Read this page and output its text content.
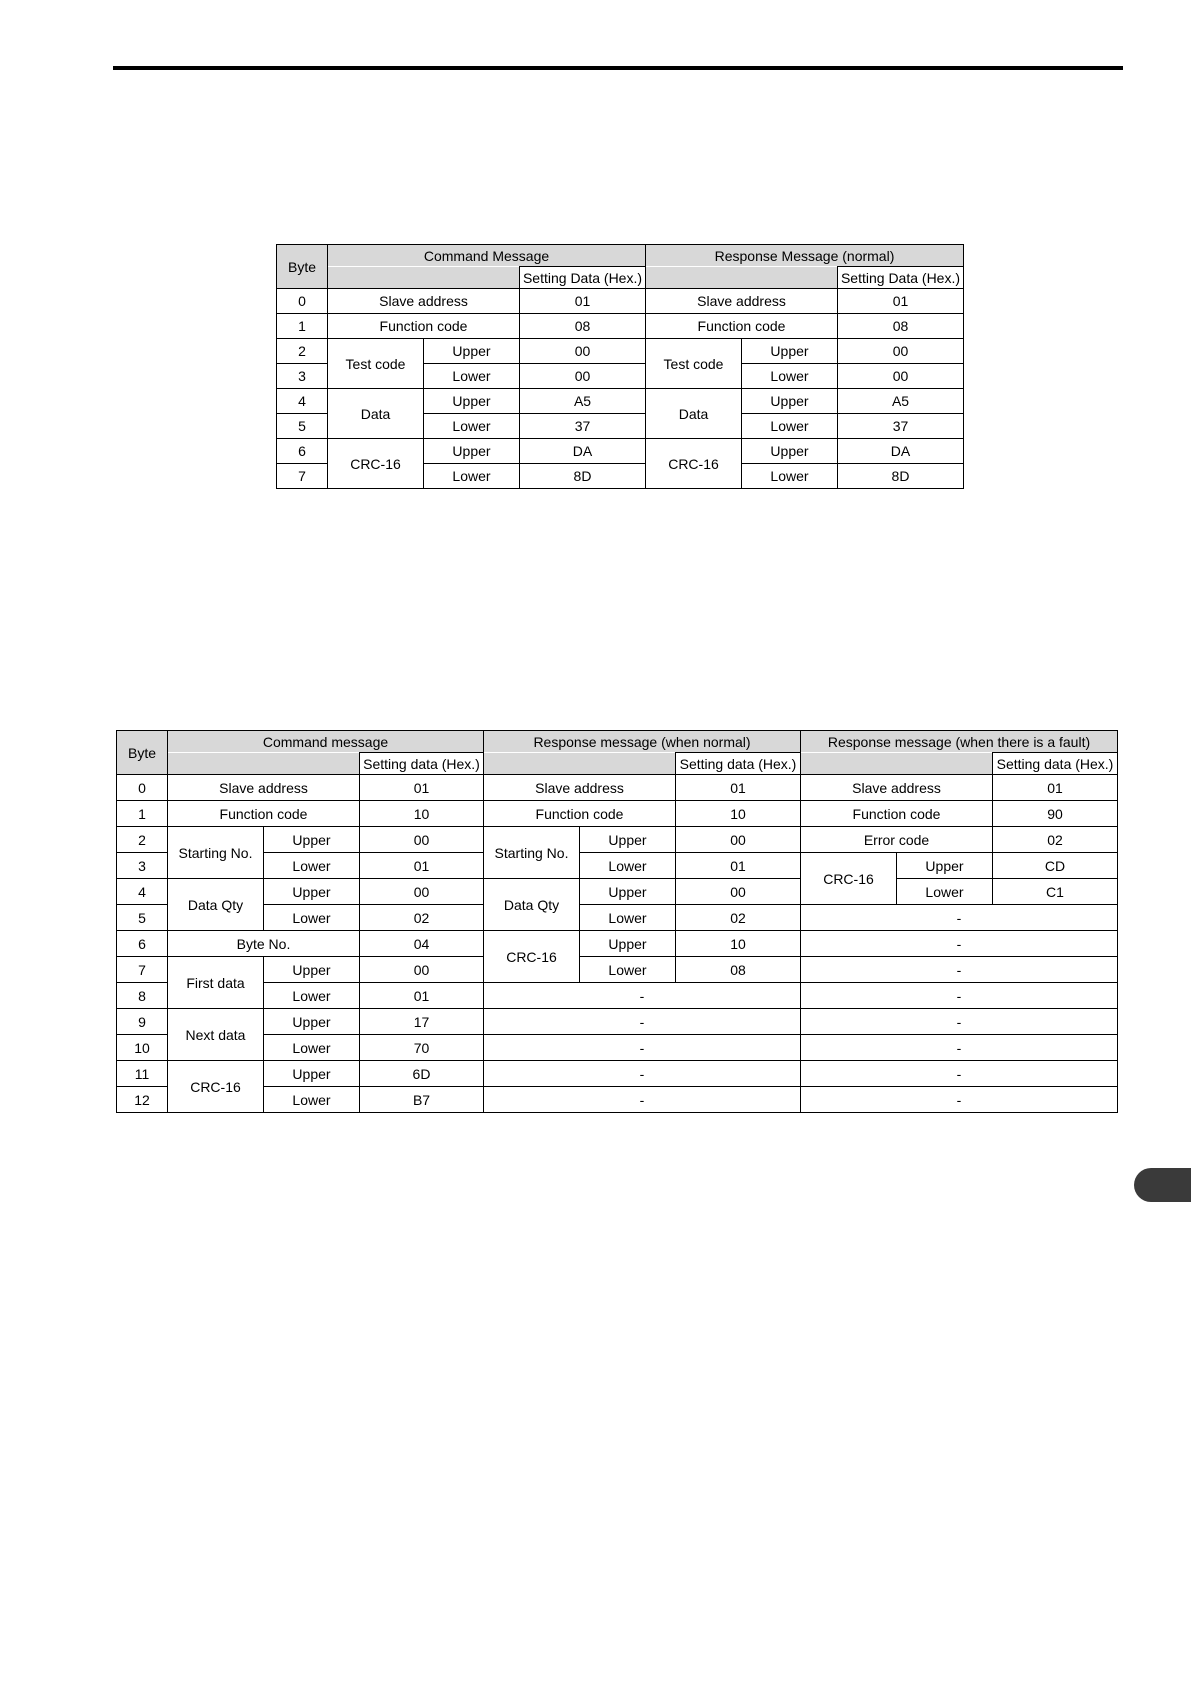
Byte	Command Message			Response Message (normal)		
			Setting Data (Hex.)			Setting Data (Hex.)
0	Slave address		01	Slave address		01
1	Function code		08	Function code		08
2	Test code	Upper	00	Test code	Upper	00
3		Lower	00		Lower	00
4	Data	Upper	A5	Data	Upper	A5
5		Lower	37		Lower	37
6	CRC-16	Upper	DA	CRC-16	Upper	DA
7		Lower	8D		Lower	8D
Byte	Command message			Response message (when normal)			Response message (when there is a fault)		
			Setting data (Hex.)			Setting data (Hex.)			Setting data (Hex.)
0	Slave address		01	Slave address		01	Slave address		01
1	Function code		10	Function code		10	Function code		90
2	Starting No.	Upper	00	Starting No.	Upper	00	Error code		02
3		Lower	01		Lower	01	CRC-16	Upper	CD
4	Data Qty	Upper	00	Data Qty	Upper	00		Lower	C1
5		Lower	02		Lower	02	-		
6	Byte No.		04	CRC-16	Upper	10	-		
7	First data	Upper	00		Lower	08	-		
8		Lower	01	-			-		
9	Next data	Upper	17	-			-		
10		Lower	70	-			-		
11	CRC-16	Upper	6D	-			-		
12		Lower	B7	-			-		
